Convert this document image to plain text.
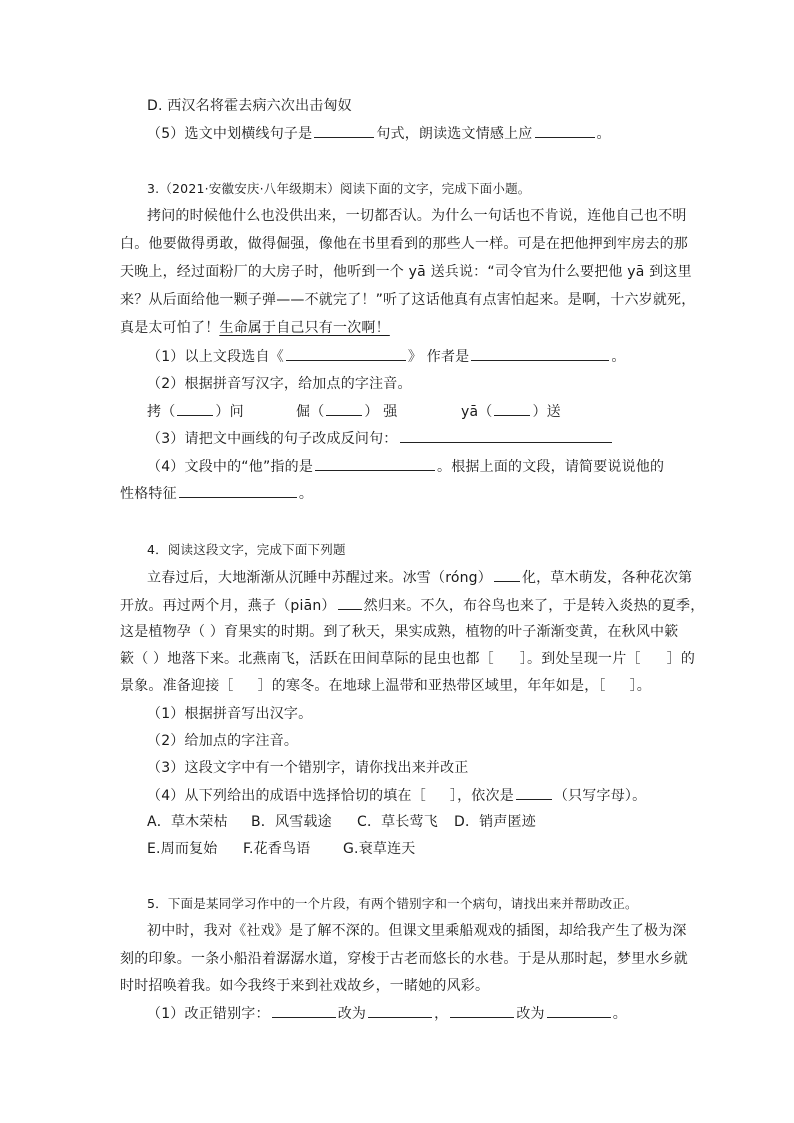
D. 西汉名将霍去病六次出击匈奴
（5）选文中划横线句子是	句式，朗读选文情感上应	。
3.（2021·安徽安庆·八年级期末）阅读下面的文字，完成下面小题。
拷问的时候他什么也没供出来，一切都否认。为什么一句话也不肯说，连他自己也不明
白。他要做得勇敢，做得倔强，像他在书里看到的那些人一样。可是在把他押到牢房去的那
天晚上，经过面粉厂的大房子时，他听到一个 yā 送兵说：“司令官为什么要把他 yā 到这里
来？从后面给他一颗子弹——不就完了！”听了这话他真有点害怕起来。是啊，十六岁就死，
真是太可怕了！生命属于自己只有一次啊！
（1）以上文段选自《	》 作者是	。
（2）根据拼音写汉字，给加点的字注音。
拷（	）问	倔（	） 强	yā（	）送
（3）请把文中画线的句子改成反问句：
（4）文段中的“他”指的是	。根据上面的文段，请简要说说他的
性格特征	。
4．阅读这段文字，完成下面下列题
立春过后，大地渐渐从沉睡中苏醒过来。冰雪（róng） 化，草木萌发，各种花次第
开放。再过两个月，燕子（piān） 然归来。不久，布谷鸟也来了，于是转入炎热的夏季，
这是植物孕（ ）育果实的时期。到了秋天，果实成熟，植物的叶子渐渐变黄，在秋风中簌
簌（ ）地落下来。北燕南飞，活跃在田间草际的昆虫也都［ ］。到处呈现一片［ ］的
景象。准备迎接［ ］的寒冬。在地球上温带和亚热带区域里，年年如是，［ ］。
（1）根据拼音写出汉字。
（2）给加点的字注音。
（3）这段文字中有一个错别字，请你找出来并改正
（4）从下列给出的成语中选择恰切的填在［ ］，依次是	（只写字母）。
A．草木荣枯 B．风雪载途 C．草长莺飞 D．销声匿迹
E.周而复始 F.花香鸟语 G.衰草连天
5．下面是某同学习作中的一个片段，有两个错别字和一个病句，请找出来并帮助改正。
初中时，我对《社戏》是了解不深的。但课文里乘船观戏的插图，却给我产生了极为深
刻的印象。一条小船沿着潺潺水道，穿梭于古老而悠长的水巷。于是从那时起，梦里水乡就
时时招唤着我。如今我终于来到社戏故乡，一睹她的风彩。
（1）改正错别字：	改为	，	改为	。
